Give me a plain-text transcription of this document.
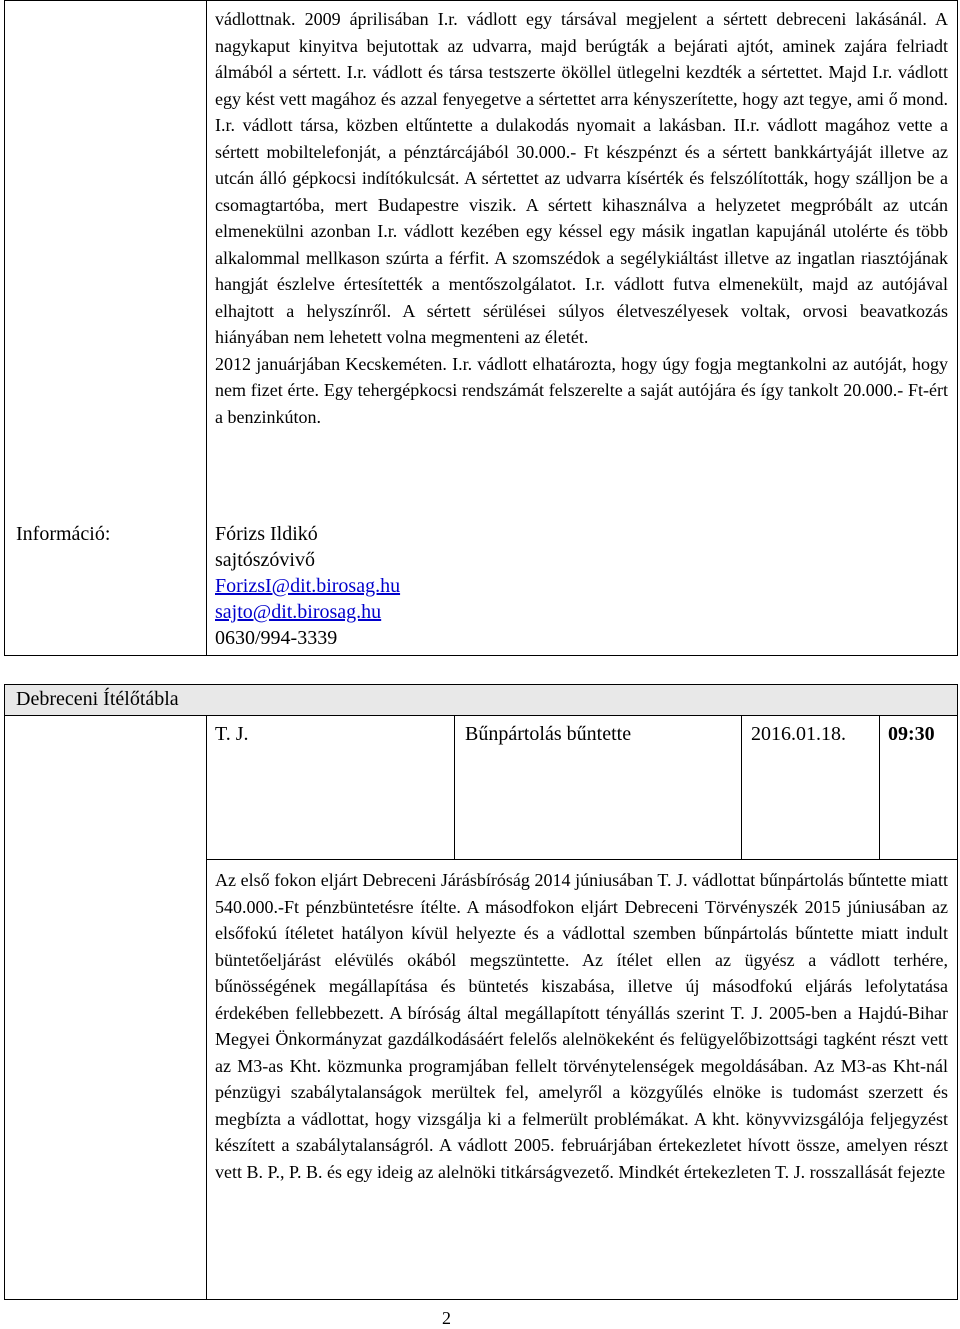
Információ:

vádlottnak. 2009 áprilisában I.r. vádlott egy társával megjelent a sértett debreceni lakásánál. A nagykaput kinyitva bejutottak az udvarra, majd berúgták a bejárati ajtót, aminek zajára felriadt álmából a sértett. I.r. vádlott és társa testszerte ököllel ütlegelni kezdték a sértettet. Majd I.r. vádlott egy kést vett magához és azzal fenyegetve a sértettet arra kényszerítette, hogy azt tegye, ami ő mond. I.r. vádlott társa, közben eltűntette a dulakodás nyomait a lakásban. II.r. vádlott magához vette a sértett mobiltelefonját, a pénztárcájából 30.000.- Ft készpénzt és a sértett bankkártyáját illetve az utcán álló gépkocsi indítókulcsát. A sértettet az udvarra kísérték és felszólították, hogy szálljon be a csomagtartóba, mert Budapestre viszik. A sértett kihasználva a helyzetet megpróbált az utcán elmenekülni azonban I.r. vádlott kezében egy késsel egy másik ingatlan kapujánál utolérte és több alkalommal mellkason szúrta a férfit. A szomszédok a segélykiáltást illetve az ingatlan riasztójának hangját észlelve értesítették a mentőszolgálatot. I.r. vádlott futva elmenekült, majd az autójával elhajtott a helyszínről. A sértett sérülései súlyos életveszélyesek voltak, orvosi beavatkozás hiányában nem lehetett volna megmenteni az életét.

2012 januárjában Kecskeméten. I.r. vádlott elhatározta, hogy úgy fogja megtankolni az autóját, hogy nem fizet érte. Egy tehergépkocsi rendszámát felszerelte a saját autójára és így tankolt 20.000.- Ft-ért a benzinkúton.

Fórizs Ildikó
sajtószóvivő
ForizsI@dit.birosag.hu
sajto@dit.birosag.hu
0630/994-3339
Debreceni Ítélőtábla
T. J.	Bűnpártolás bűntette	2016.01.18. 09:30

Az első fokon eljárt Debreceni Járásbíróság 2014 júniusában T. J. vádlottat bűnpártolás bűntette miatt 540.000.-Ft pénzbüntetésre ítélte. A másodfokon eljárt Debreceni Törvényszék 2015 júniusában az elsőfokú ítéletet hatályon kívül helyezte és a vádlottal szemben bűnpártolás bűntette miatt indult büntetőeljárást elévülés okából megszüntette. Az ítélet ellen az ügyész a vádlott terhére, bűnösségének megállapítása és büntetés kiszabása, illetve új másodfokú eljárás lefolytatása érdekében fellebbezett. A bíróság által megállapított tényállás szerint T. J. 2005-ben a Hajdú-Bihar Megyei Önkormányzat gazdálkodásáért felelős alelnökeként és felügyelőbizottsági tagként részt vett az M3-as Kht. közmunka programjában fellelt törvénytelenségek megoldásában. Az M3-as Kht-nál pénzügyi szabálytalanságok merültek fel, amelyről a közgyűlés elnöke is tudomást szerzett és megbízta a vádlottat, hogy vizsgálja ki a felmerült problémákat. A kht. könyvvizsgálója feljegyzést készített a szabálytalanságról. A vádlott 2005. februárjában értekezletet hívott össze, amelyen részt vett B. P., P. B. és egy ideig az alelnöki titkárságvezető. Mindkét értekezleten T. J. rosszallását fejezte

2
